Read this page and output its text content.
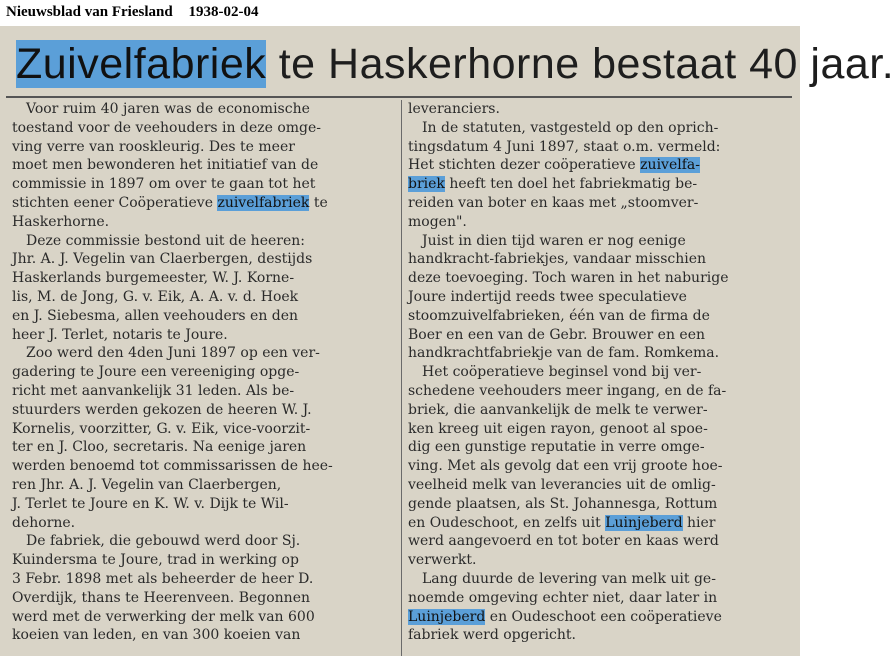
Nieuwsblad van Friesland 1938-02-04
Zuivelfabriek te Haskerhorne bestaat 40 jaar.
 Voor ruim 40 jaren was de economische
toestand voor de veehouders in deze omge-
ving verre van rooskleurig. Des te meer
moet men bewonderen het initiatief van de
commissie in 1897 om over te gaan tot het
stichten eener Coöperatieve zuivelfabriek te
Haskerhorne.
 Deze commissie bestond uit de heeren:
Jhr. A. J. Vegelin van Claerbergen, destijds
Haskerlands burgemeester, W. J. Korne-
lis, M. de Jong, G. v. Eik, A. A. v. d. Hoek
en J. Siebesma, allen veehouders en den
heer J. Terlet, notaris te Joure.
 Zoo werd den 4den Juni 1897 op een ver-
gadering te Joure een vereeniging opge-
richt met aanvankelijk 31 leden. Als be-
stuurders werden gekozen de heeren W. J.
Kornelis, voorzitter, G. v. Eik, vice-voorzit-
ter en J. Cloo, secretaris. Na eenige jaren
werden benoemd tot commissarissen de hee-
ren Jhr. A. J. Vegelin van Claerbergen,
J. Terlet te Joure en K. W. v. Dijk te Wil-
dehorne.
 De fabriek, die gebouwd werd door Sj.
Kuindersma te Joure, trad in werking op
3 Febr. 1898 met als beheerder de heer D.
Overdijk, thans te Heerenveen. Begonnen
werd met de verwerking der melk van 600
koeien van leden, en van 300 koeien van
leveranciers.
 In de statuten, vastgesteld op den oprich-
tingsdatum 4 Juni 1897, staat o.m. vermeld:
Het stichten dezer coöperatieve zuivelfa-
briek heeft ten doel het fabriekmatig be-
reiden van boter en kaas met „stoomver-
mogen".
 Juist in dien tijd waren er nog eenige
handkracht-fabriekjes, vandaar misschien
deze toevoeging. Toch waren in het naburige
Joure indertijd reeds twee speculatieve
stoomzuivelfabrieken, één van de firma de
Boer en een van de Gebr. Brouwer en een
handkrachtfabriekje van de fam. Romkema.
 Het coöperatieve beginsel vond bij ver-
schedene veehouders meer ingang, en de fa-
briek, die aanvankelijk de melk te verwer-
ken kreeg uit eigen rayon, genoot al spoe-
dig een gunstige reputatie in verre omge-
ving. Met als gevolg dat een vrij groote hoe-
veelheid melk van leverancies uit de omlig-
gende plaatsen, als St. Johannesga, Rottum
en Oudeschoot, en zelfs uit Luinjeberd hier
werd aangevoerd en tot boter en kaas werd
verwerkt.
 Lang duurde de levering van melk uit ge-
noemde omgeving echter niet, daar later in
Luinjeberd en Oudeschoot een coöperatieve
fabriek werd opgericht.
